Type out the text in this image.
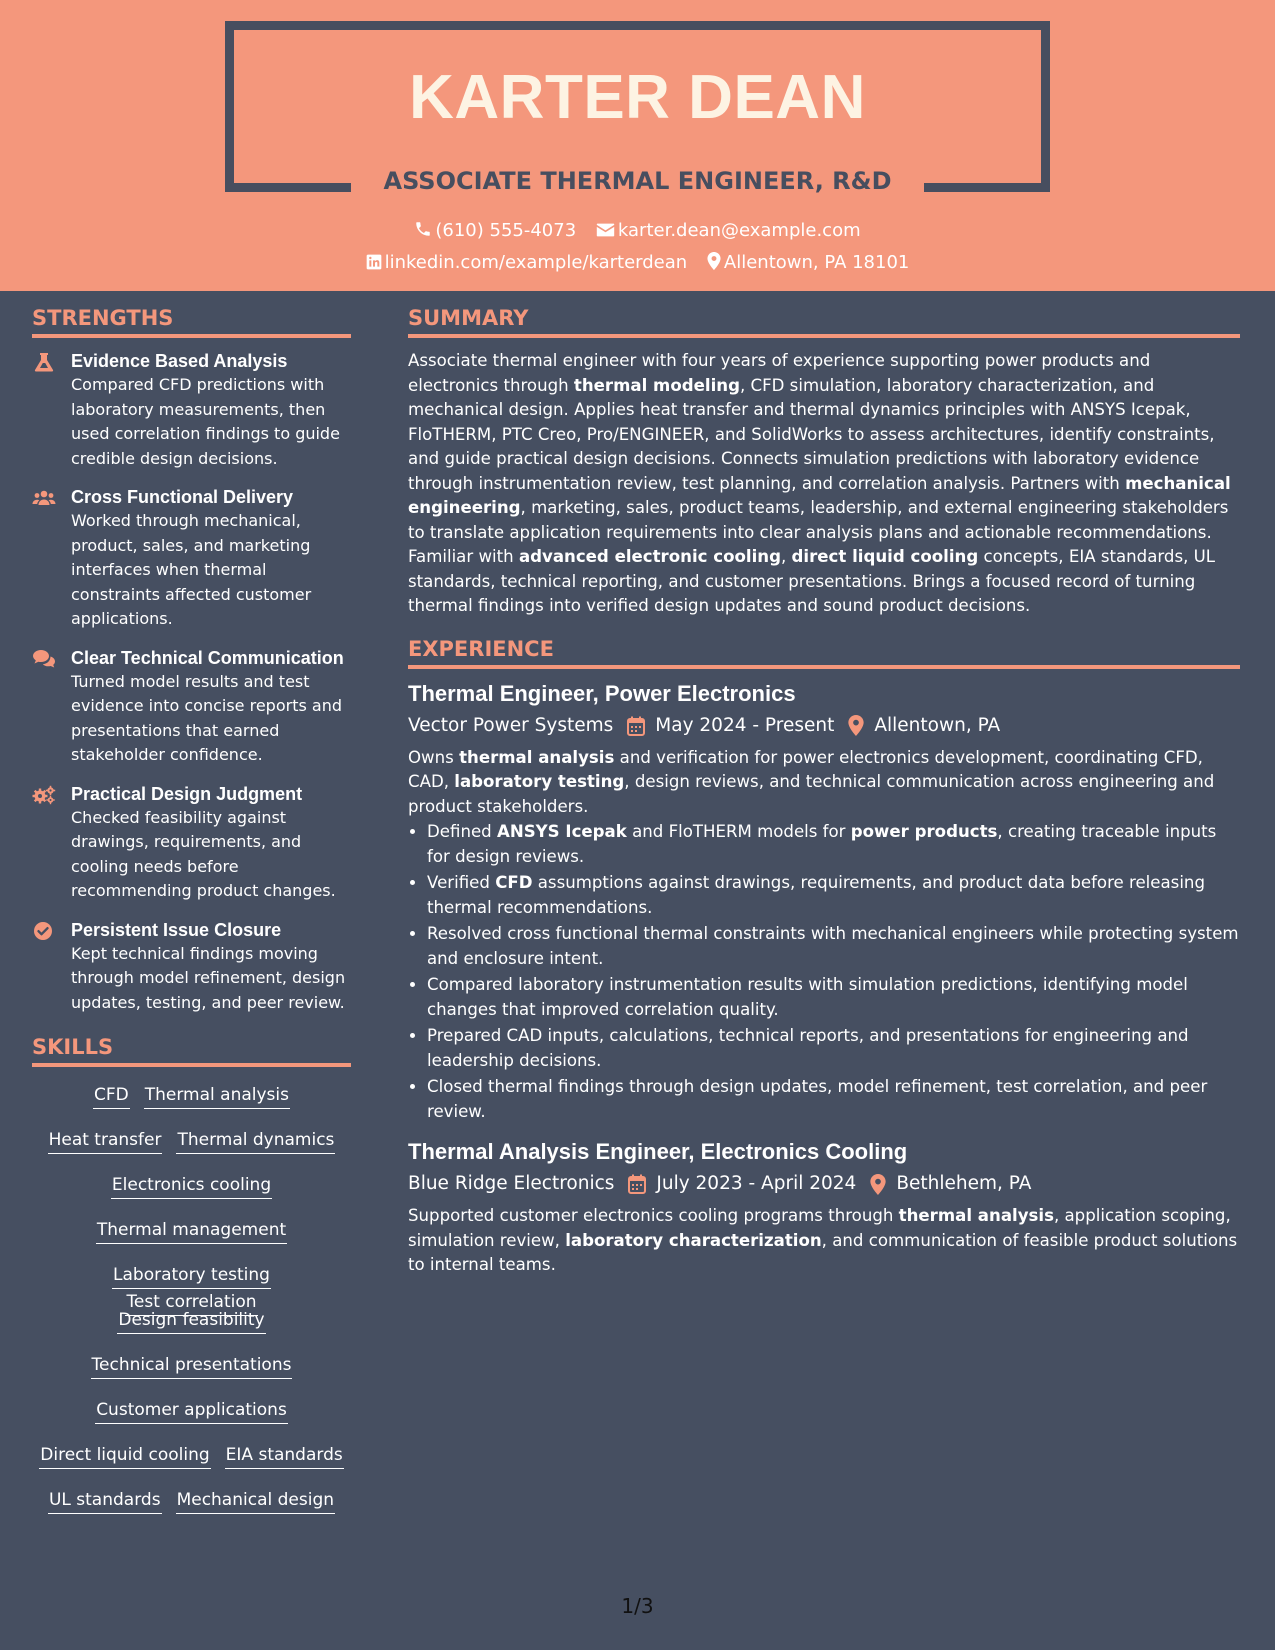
KARTER DEAN
ASSOCIATE THERMAL ENGINEER, R&D
(610) 555-4073 karter.dean@example.com
linkedin.com/example/karterdean Allentown, PA 18101
STRENGTHS
Evidence Based Analysis
Compared CFD predictions with laboratory measurements, then used correlation findings to guide credible design decisions.
Cross Functional Delivery
Worked through mechanical, product, sales, and marketing interfaces when thermal constraints affected customer applications.
Clear Technical Communication
Turned model results and test evidence into concise reports and presentations that earned stakeholder confidence.
Practical Design Judgment
Checked feasibility against drawings, requirements, and cooling needs before recommending product changes.
Persistent Issue Closure
Kept technical findings moving through model refinement, design updates, testing, and peer review.
SKILLS
CFD Thermal analysis
Heat transfer Thermal dynamics
Electronics cooling
Thermal management
Laboratory testingTest correlation
Design feasibility
Technical presentations
Customer applications
Direct liquid cooling EIA standards
UL standards Mechanical design
SUMMARY
Associate thermal engineer with four years of experience supporting power products and electronics through thermal modeling, CFD simulation, laboratory characterization, and mechanical design. Applies heat transfer and thermal dynamics principles with ANSYS Icepak, FloTHERM, PTC Creo, Pro/ENGINEER, and SolidWorks to assess architectures, identify constraints, and guide practical design decisions. Connects simulation predictions with laboratory evidence through instrumentation review, test planning, and correlation analysis. Partners with mechanical engineering, marketing, sales, product teams, leadership, and external engineering stakeholders to translate application requirements into clear analysis plans and actionable recommendations. Familiar with advanced electronic cooling, direct liquid cooling concepts, EIA standards, UL standards, technical reporting, and customer presentations. Brings a focused record of turning thermal findings into verified design updates and sound product decisions.
EXPERIENCE
Thermal Engineer, Power Electronics
Vector Power Systems May 2024 - Present Allentown, PA
Owns thermal analysis and verification for power electronics development, coordinating CFD, CAD, laboratory testing, design reviews, and technical communication across engineering and product stakeholders.
• Defined ANSYS Icepak and FloTHERM models for power products, creating traceable inputs for design reviews.
• Verified CFD assumptions against drawings, requirements, and product data before releasing thermal recommendations.
• Resolved cross functional thermal constraints with mechanical engineers while protecting system and enclosure intent.
• Compared laboratory instrumentation results with simulation predictions, identifying model changes that improved correlation quality.
• Prepared CAD inputs, calculations, technical reports, and presentations for engineering and leadership decisions.
• Closed thermal findings through design updates, model refinement, test correlation, and peer review.
Thermal Analysis Engineer, Electronics Cooling
Blue Ridge Electronics July 2023 - April 2024 Bethlehem, PA
Supported customer electronics cooling programs through thermal analysis, application scoping, simulation review, laboratory characterization, and communication of feasible product solutions to internal teams.
1/3
